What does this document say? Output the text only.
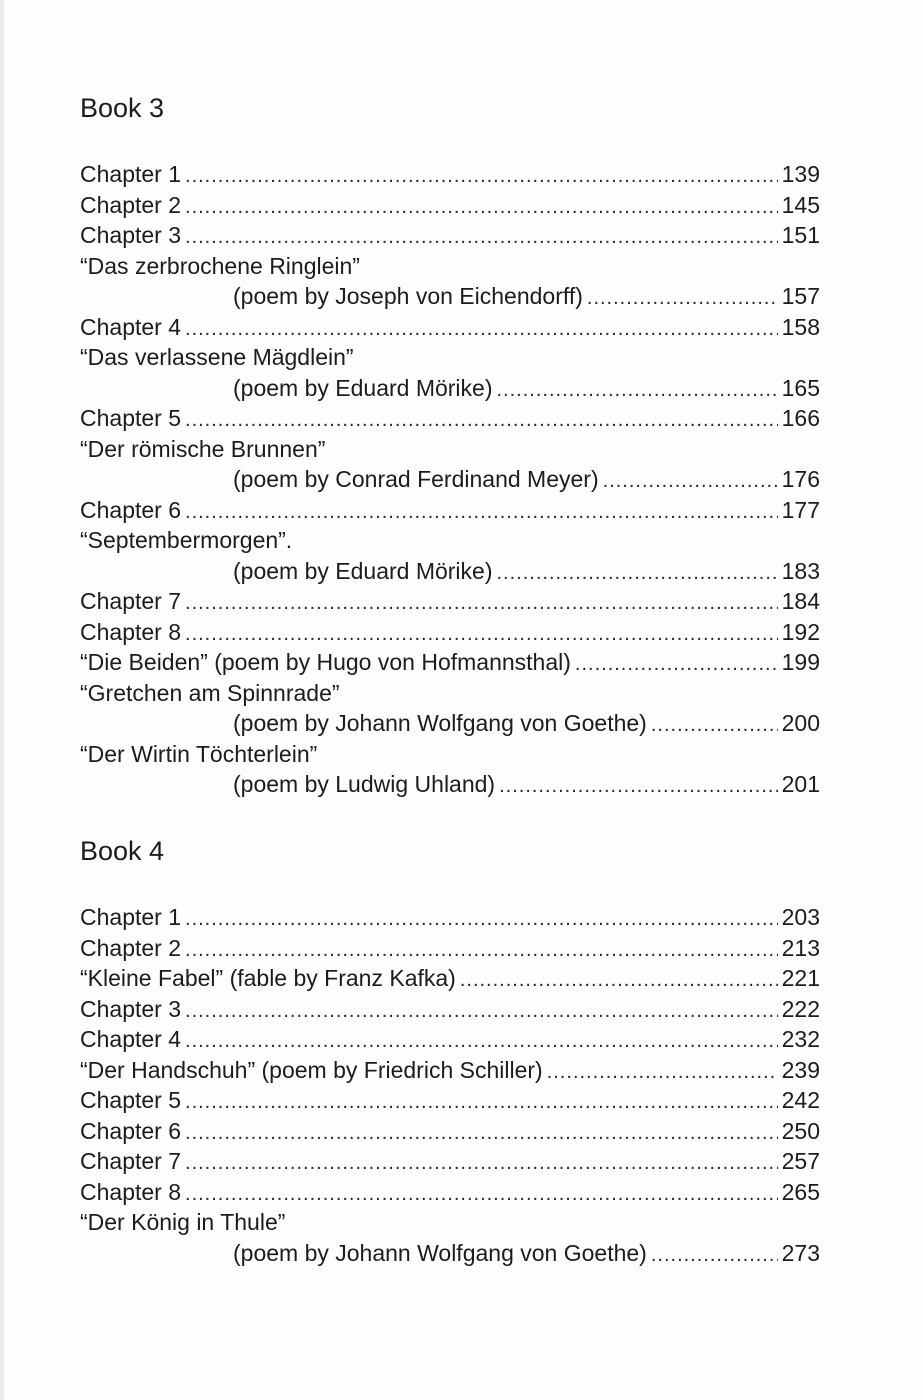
Book 3
Chapter 1 .....	139
Chapter 2 .....	145
Chapter 3 .....	151
“Das zerbrochene Ringlein”
(poem by Joseph von Eichendorff) .....	157
Chapter 4 .....	158
“Das verlassene Mägdlein”
(poem by Eduard Mörike) .....	165
Chapter 5 .....	166
“Der römische Brunnen”
(poem by Conrad Ferdinand Meyer) .....	176
Chapter 6 .....	177
“Septembermorgen”.
(poem by Eduard Mörike) .....	183
Chapter 7 .....	184
Chapter 8 .....	192
“Die Beiden” (poem by Hugo von Hofmannsthal) .....	199
“Gretchen am Spinnrade”
(poem by Johann Wolfgang von Goethe) .....	200
“Der Wirtin Töchterlein”
(poem by Ludwig Uhland) .....	201
Book 4
Chapter 1 .....	203
Chapter 2 .....	213
“Kleine Fabel” (fable by Franz Kafka) .....	221
Chapter 3 .....	222
Chapter 4 .....	232
“Der Handschuh” (poem by Friedrich Schiller) .....	239
Chapter 5 .....	242
Chapter 6 .....	250
Chapter 7 .....	257
Chapter 8 .....	265
“Der König in Thule”
(poem by Johann Wolfgang von Goethe) .....	273
